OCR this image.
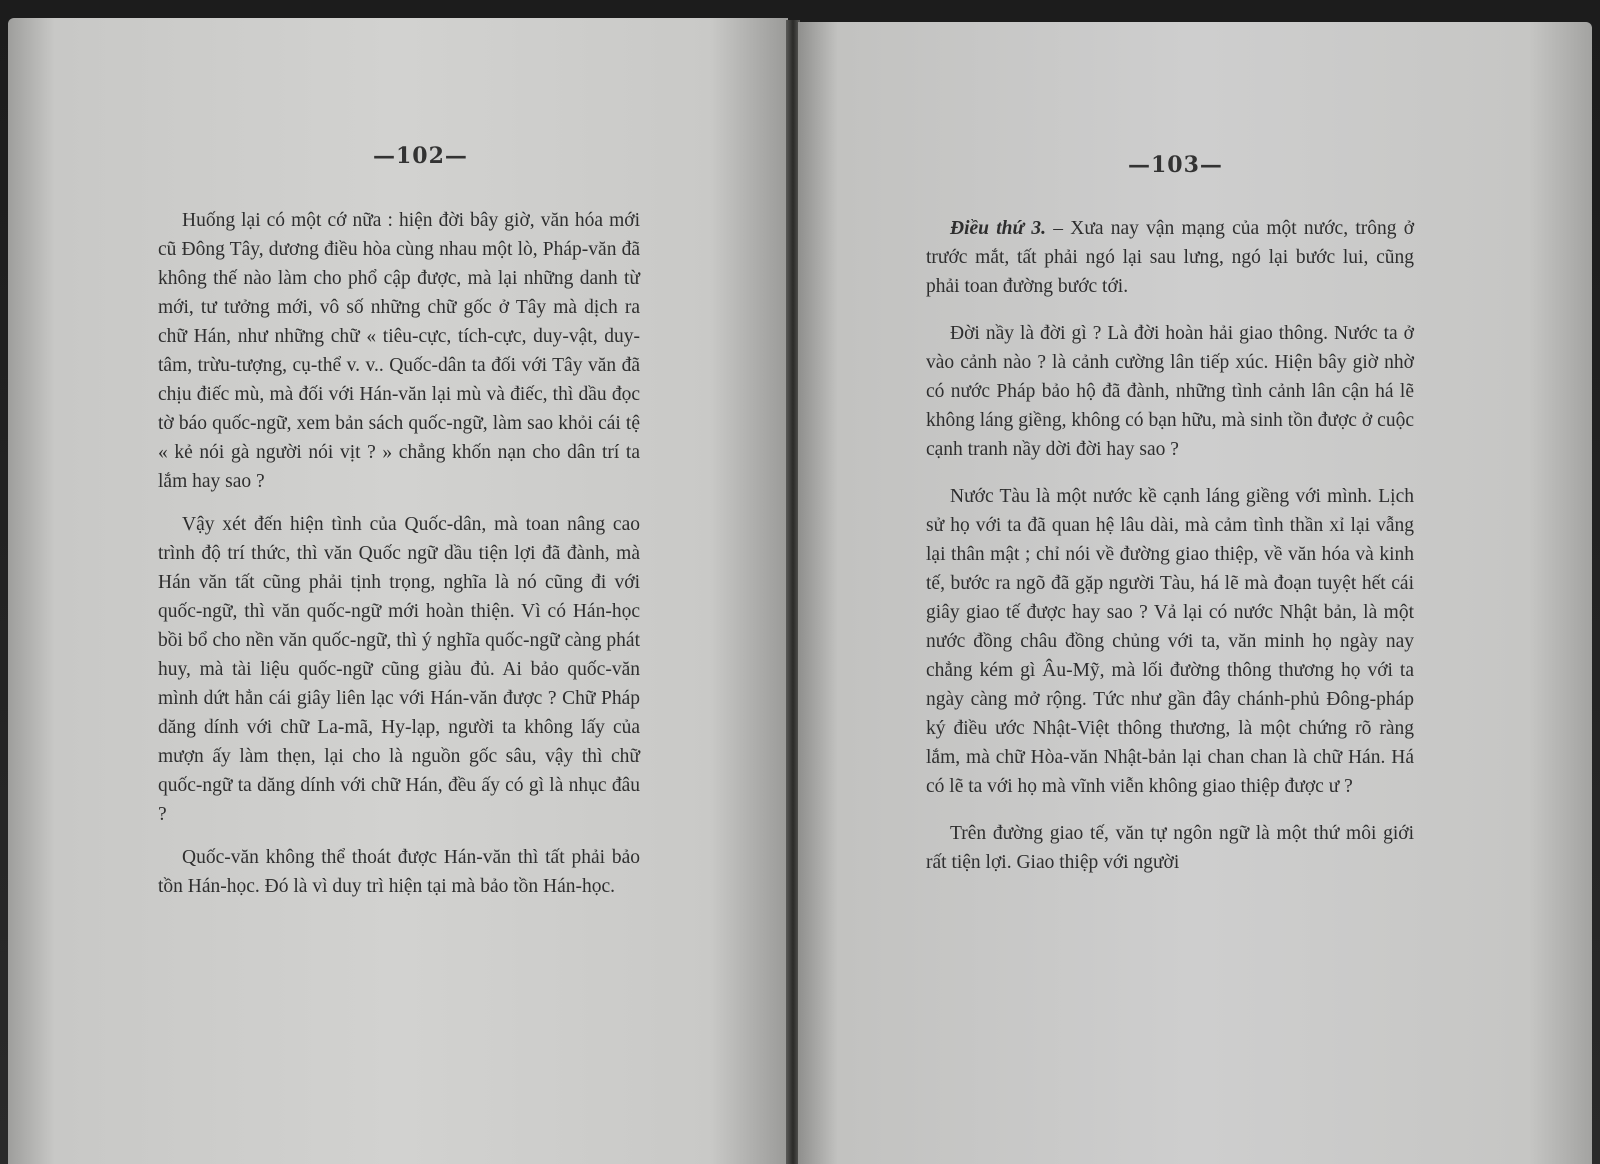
—102—

Huống lại có một cớ nữa : hiện đời bây giờ, văn hóa mới cũ Đông Tây, dương điều hòa cùng nhau một lò, Pháp-văn đã không thế nào làm cho phổ cập được, mà lại những danh từ mới, tư tưởng mới, vô số những chữ gốc ở Tây mà dịch ra chữ Hán, như những chữ « tiêu-cực, tích-cực, duy-vật, duy-tâm, trừu-tượng, cụ-thể v. v.. Quốc-dân ta đối với Tây văn đã chịu điếc mù, mà đối với Hán-văn lại mù và điếc, thì dầu đọc tờ báo quốc-ngữ, xem bản sách quốc-ngữ, làm sao khỏi cái tệ « kẻ nói gà người nói vịt ? » chẳng khốn nạn cho dân trí ta lắm hay sao ?

Vậy xét đến hiện tình của Quốc-dân, mà toan nâng cao trình độ trí thức, thì văn Quốc ngữ dầu tiện lợi đã đành, mà Hán văn tất cũng phải tịnh trọng, nghĩa là nó cũng đi với quốc-ngữ, thì văn quốc-ngữ mới hoàn thiện. Vì có Hán-học bồi bổ cho nền văn quốc-ngữ, thì ý nghĩa quốc-ngữ càng phát huy, mà tài liệu quốc-ngữ cũng giàu đủ. Ai bảo quốc-văn mình dứt hẳn cái giây liên lạc với Hán-văn được ? Chữ Pháp dăng dính với chữ La-mã, Hy-lạp, người ta không lấy của mượn ấy làm thẹn, lại cho là nguồn gốc sâu, vậy thì chữ quốc-ngữ ta dăng dính với chữ Hán, đều ấy có gì là nhục đâu ?

Quốc-văn không thể thoát được Hán-văn thì tất phải bảo tồn Hán-học. Đó là vì duy trì hiện tại mà bảo tồn Hán-học.

—103—

Điều thứ 3. – Xưa nay vận mạng của một nước, trông ở trước mắt, tất phải ngó lại sau lưng, ngó lại bước lui, cũng phải toan đường bước tới.

Đời nầy là đời gì ? Là đời hoàn hải giao thông. Nước ta ở vào cảnh nào ? là cảnh cường lân tiếp xúc. Hiện bây giờ nhờ có nước Pháp bảo hộ đã đành, những tình cảnh lân cận há lẽ không láng giềng, không có bạn hữu, mà sinh tồn được ở cuộc cạnh tranh nầy dời đời hay sao ?

Nước Tàu là một nước kề cạnh láng giềng với mình. Lịch sử họ với ta đã quan hệ lâu dài, mà cảm tình thần xỉ lại vẫng lại thân mật ; chỉ nói về đường giao thiệp, về văn hóa và kinh tế, bước ra ngõ đã gặp người Tàu, há lẽ mà đoạn tuyệt hết cái giây giao tế được hay sao ? Vả lại có nước Nhật bản, là một nước đồng châu đồng chủng với ta, văn minh họ ngày nay chẳng kém gì Âu-Mỹ, mà lối đường thông thương họ với ta ngày càng mở rộng. Tức như gần đây chánh-phủ Đông-pháp ký điều ước Nhật-Việt thông thương, là một chứng rõ ràng lắm, mà chữ Hòa-văn Nhật-bản lại chan chan là chữ Hán. Há có lẽ ta với họ mà vĩnh viễn không giao thiệp được ư ?

Trên đường giao tế, văn tự ngôn ngữ là một thứ môi giới rất tiện lợi. Giao thiệp với người
